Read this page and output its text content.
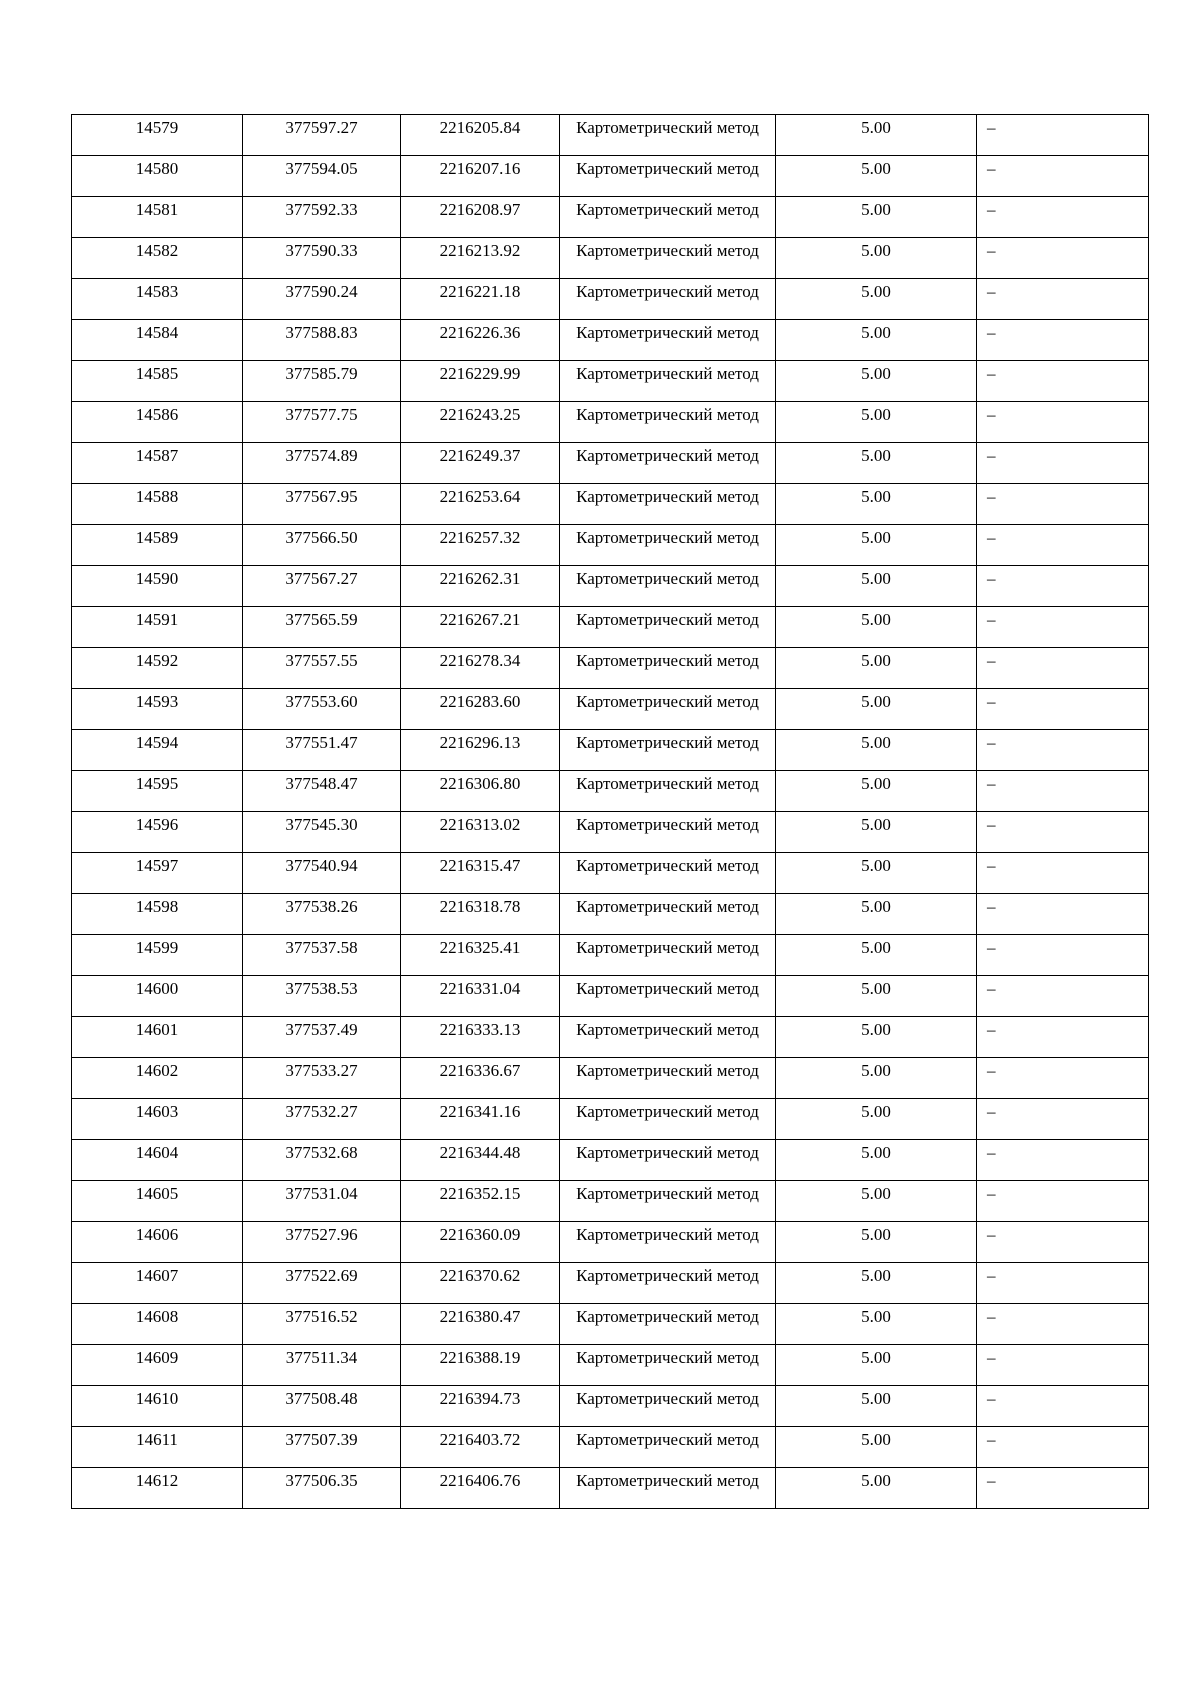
14579	377597.27	2216205.84	Картометрический метод	5.00	–
14580	377594.05	2216207.16	Картометрический метод	5.00	–
14581	377592.33	2216208.97	Картометрический метод	5.00	–
14582	377590.33	2216213.92	Картометрический метод	5.00	–
14583	377590.24	2216221.18	Картометрический метод	5.00	–
14584	377588.83	2216226.36	Картометрический метод	5.00	–
14585	377585.79	2216229.99	Картометрический метод	5.00	–
14586	377577.75	2216243.25	Картометрический метод	5.00	–
14587	377574.89	2216249.37	Картометрический метод	5.00	–
14588	377567.95	2216253.64	Картометрический метод	5.00	–
14589	377566.50	2216257.32	Картометрический метод	5.00	–
14590	377567.27	2216262.31	Картометрический метод	5.00	–
14591	377565.59	2216267.21	Картометрический метод	5.00	–
14592	377557.55	2216278.34	Картометрический метод	5.00	–
14593	377553.60	2216283.60	Картометрический метод	5.00	–
14594	377551.47	2216296.13	Картометрический метод	5.00	–
14595	377548.47	2216306.80	Картометрический метод	5.00	–
14596	377545.30	2216313.02	Картометрический метод	5.00	–
14597	377540.94	2216315.47	Картометрический метод	5.00	–
14598	377538.26	2216318.78	Картометрический метод	5.00	–
14599	377537.58	2216325.41	Картометрический метод	5.00	–
14600	377538.53	2216331.04	Картометрический метод	5.00	–
14601	377537.49	2216333.13	Картометрический метод	5.00	–
14602	377533.27	2216336.67	Картометрический метод	5.00	–
14603	377532.27	2216341.16	Картометрический метод	5.00	–
14604	377532.68	2216344.48	Картометрический метод	5.00	–
14605	377531.04	2216352.15	Картометрический метод	5.00	–
14606	377527.96	2216360.09	Картометрический метод	5.00	–
14607	377522.69	2216370.62	Картометрический метод	5.00	–
14608	377516.52	2216380.47	Картометрический метод	5.00	–
14609	377511.34	2216388.19	Картометрический метод	5.00	–
14610	377508.48	2216394.73	Картометрический метод	5.00	–
14611	377507.39	2216403.72	Картометрический метод	5.00	–
14612	377506.35	2216406.76	Картометрический метод	5.00	–
